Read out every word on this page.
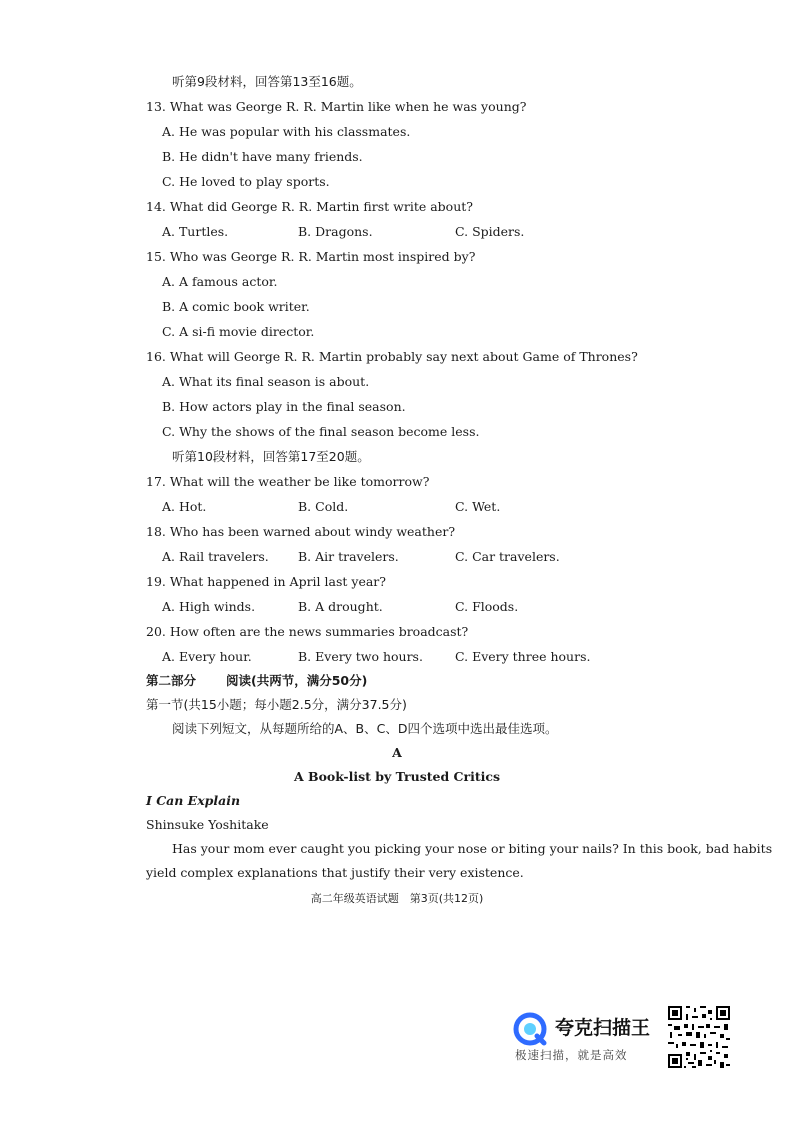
听第9段材料，回答第13至16题。
13. What was George R. R. Martin like when he was young?
A. He was popular with his classmates.
B. He didn't have many friends.
C. He loved to play sports.
14. What did George R. R. Martin first write about?
A. Turtles.	B. Dragons.	C. Spiders.
15. Who was George R. R. Martin most inspired by?
A. A famous actor.
B. A comic book writer.
C. A si-fi movie director.
16. What will George R. R. Martin probably say next about Game of Thrones?
A. What its final season is about.
B. How actors play in the final season.
C. Why the shows of the final season become less.
听第10段材料，回答第17至20题。
17. What will the weather be like tomorrow?
A. Hot.	B. Cold.	C. Wet.
18. Who has been warned about windy weather?
A. Rail travelers. B. Air travelers.	C. Car travelers.
19. What happened in April last year?
A. High winds.	B. A drought.	C. Floods.
20. How often are the news summaries broadcast?
A. Every hour.	B. Every two hours.	C. Every three hours.
第二部分 阅读(共两节，满分50分)
第一节(共15小题；每小题2.5分，满分37.5分)
阅读下列短文，从每题所给的A、B、C、D四个选项中选出最佳选项。
A
A Book-list by Trusted Critics
I Can Explain
Shinsuke Yoshitake
Has your mom ever caught you picking your nose or biting your nails? In this book, bad habits
yield complex explanations that justify their very existence.
高二年级英语试题　第3页(共12页)
夸克扫描王
极速扫描，就是高效
